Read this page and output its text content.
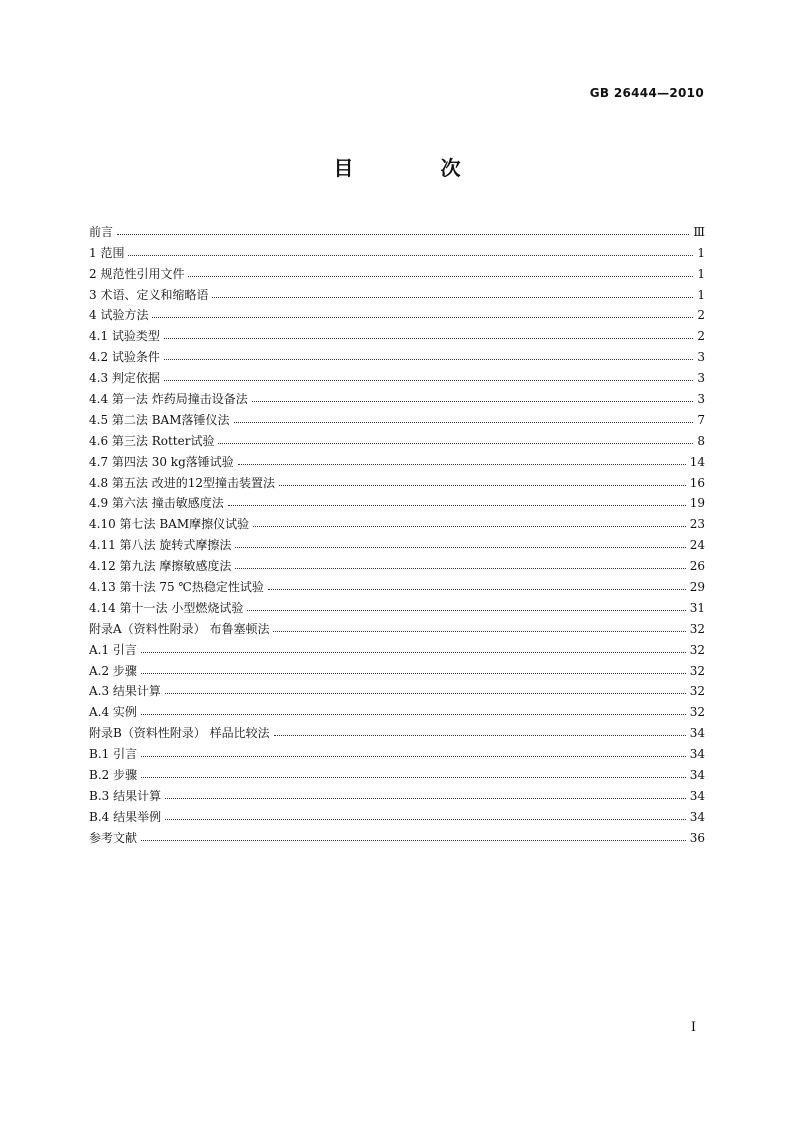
GB 26444—2010
目 次
前言	Ⅲ
1 范围	1
2 规范性引用文件	1
3 术语、定义和缩略语	1
4 试验方法	2
4.1 试验类型	2
4.2 试验条件	3
4.3 判定依据	3
4.4 第一法 炸药局撞击设备法	3
4.5 第二法 BAM落锤仪法	7
4.6 第三法 Rotter试验	8
4.7 第四法 30 kg落锤试验	14
4.8 第五法 改进的12型撞击装置法	16
4.9 第六法 撞击敏感度法	19
4.10 第七法 BAM摩擦仪试验	23
4.11 第八法 旋转式摩擦法	24
4.12 第九法 摩擦敏感度法	26
4.13 第十法 75 ℃热稳定性试验	29
4.14 第十一法 小型燃烧试验	31
附录A（资料性附录） 布鲁塞顿法	32
A.1 引言	32
A.2 步骤	32
A.3 结果计算	32
A.4 实例	32
附录B（资料性附录） 样品比较法	34
B.1 引言	34
B.2 步骤	34
B.3 结果计算	34
B.4 结果举例	34
参考文献	36
Ⅰ
